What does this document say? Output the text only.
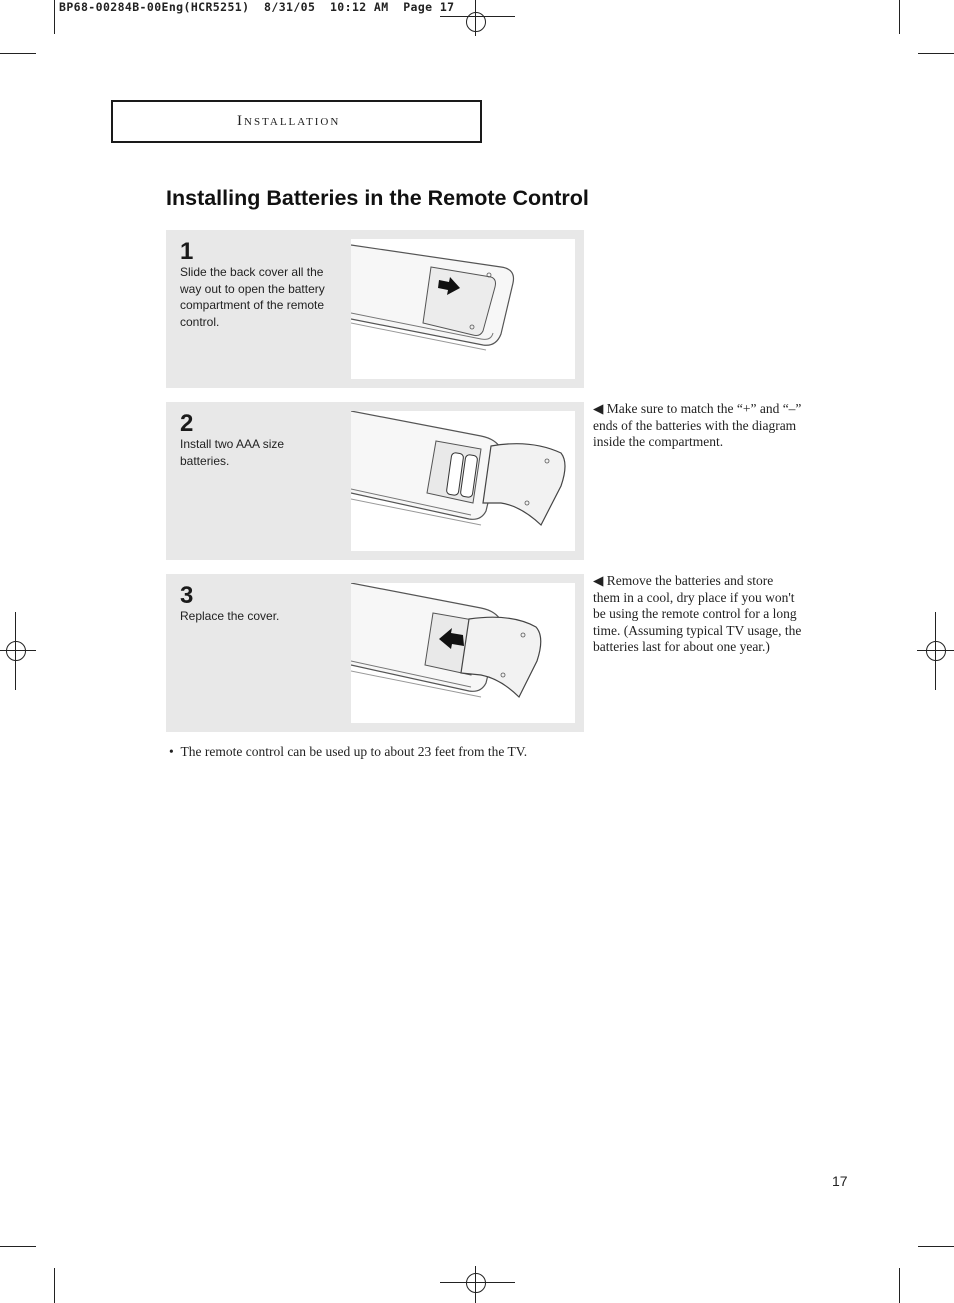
BP68-00284B-00Eng(HCR5251)  8/31/05  10:12 AM  Page 17
Installation
Installing Batteries in the Remote Control
1
Slide the back cover all the way out to open the battery compartment of the remote control.
2
Install two AAA size batteries.
3
Replace the cover.
◀ Make sure to match the “+” and “–” ends of the batteries with the diagram inside the compartment.
◀ Remove the batteries and store them in a cool, dry place if you won't be using the remote control for a long time. (Assuming typical TV usage, the batteries last for about one year.)
• The remote control can be used up to about 23 feet from the TV.
17
